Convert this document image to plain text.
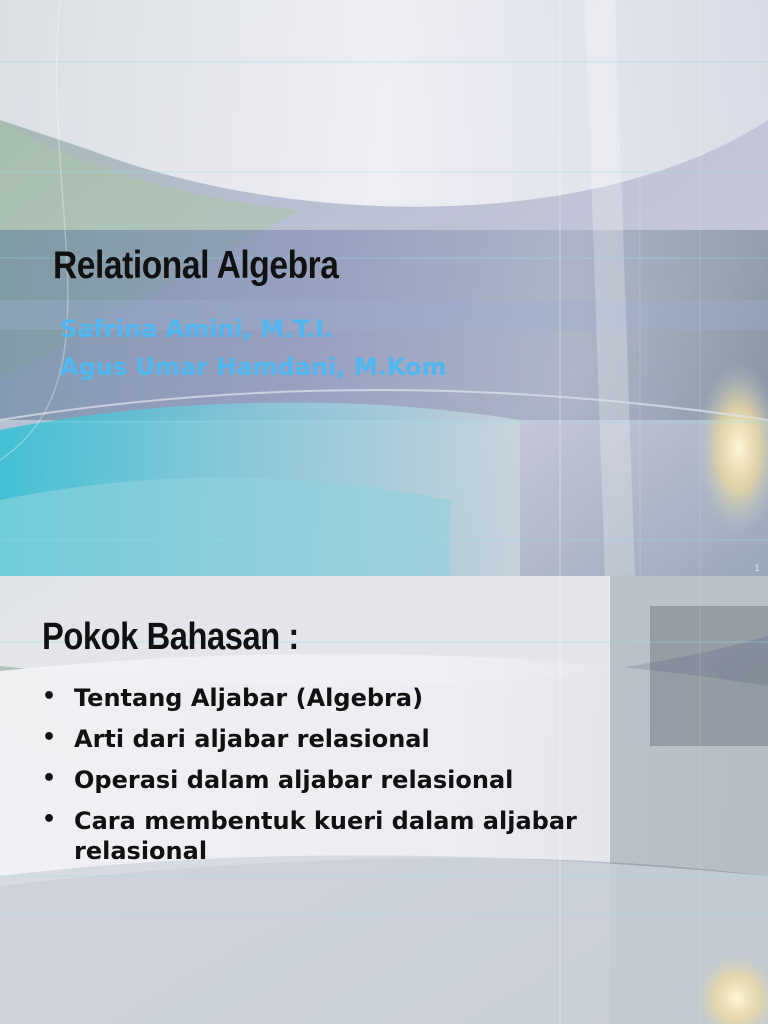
Relational Algebra
Safrina Amini, M.T.I.
Agus Umar Hamdani, M.Kom
1
Pokok Bahasan :
• Tentang Aljabar (Algebra)
• Arti dari aljabar relasional
• Operasi dalam aljabar relasional
• Cara membentuk kueri dalam aljabar relasional
